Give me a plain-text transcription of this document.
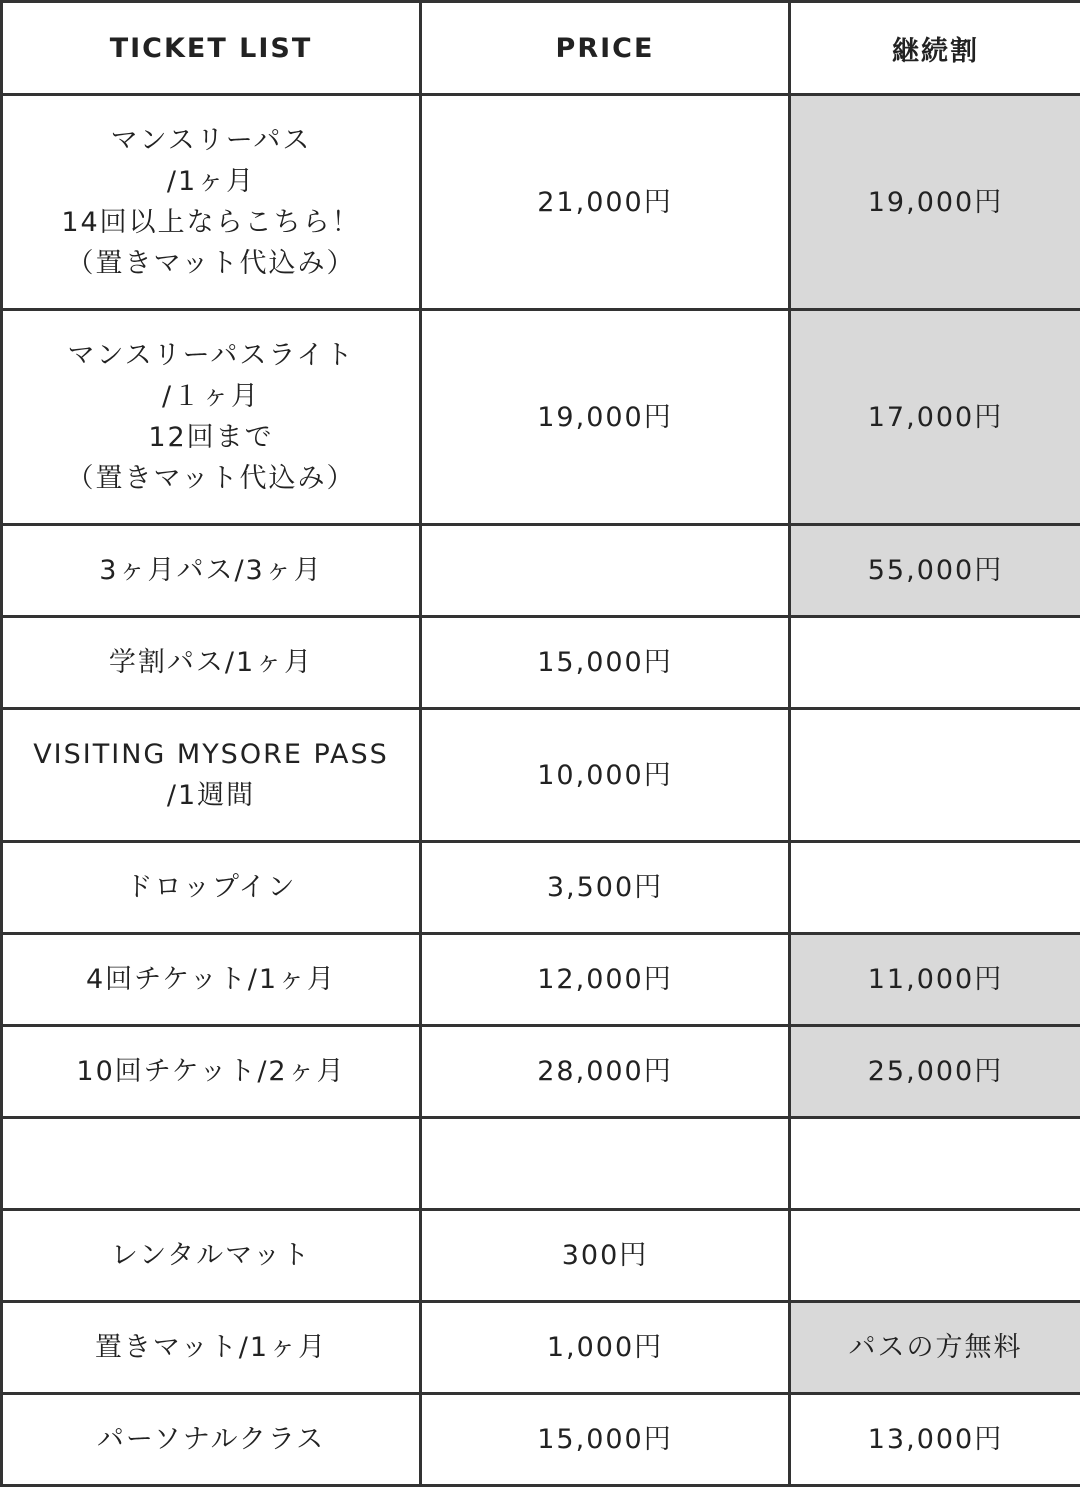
TICKET LIST	PRICE	継続割
マンスリーパス
/1ヶ月
14回以上ならこちら！
（置きマット代込み）	21,000円	19,000円
マンスリーパスライト
/１ヶ月
12回まで
（置きマット代込み）	19,000円	17,000円
3ヶ月パス/3ヶ月		55,000円
学割パス/1ヶ月	15,000円	
VISITING MYSORE PASS
/1週間	10,000円	
ドロップイン	3,500円	
4回チケット/1ヶ月	12,000円	11,000円
10回チケット/2ヶ月	28,000円	25,000円

レンタルマット	300円	
置きマット/1ヶ月	1,000円	パスの方無料
パーソナルクラス	15,000円	13,000円
